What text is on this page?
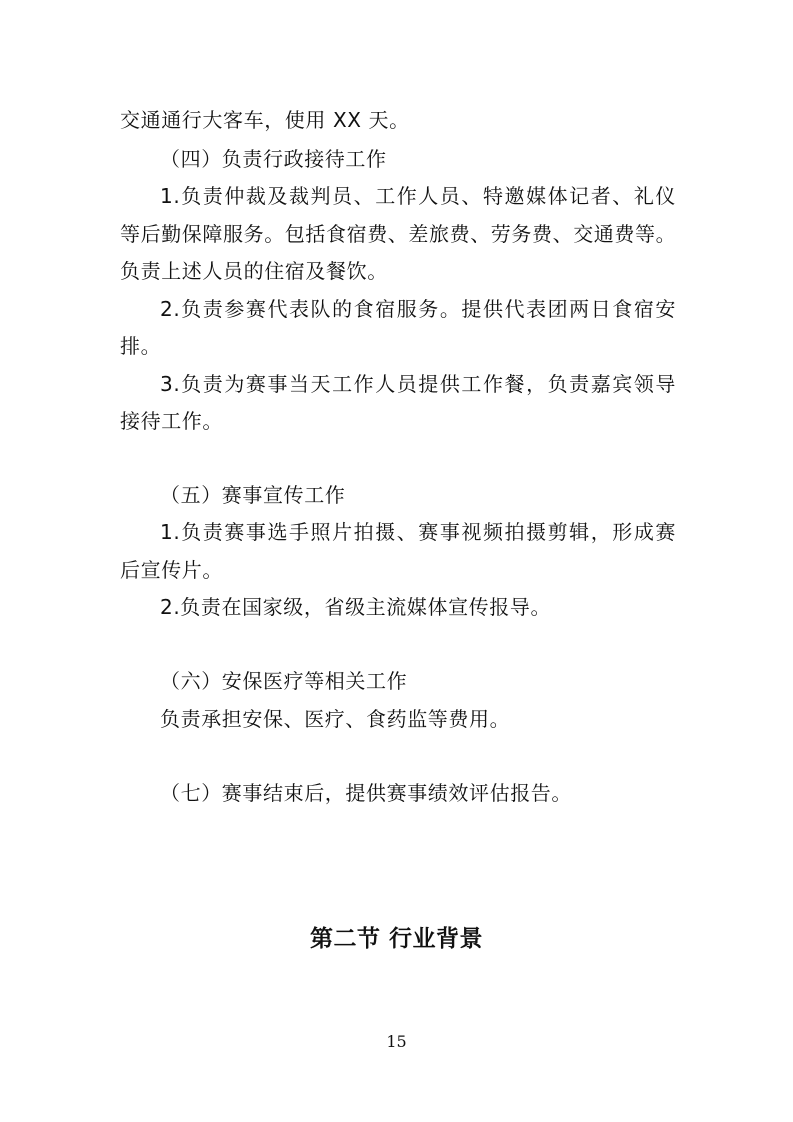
交通通行大客车，使用 XX 天。
（四）负责行政接待工作
1.负责仲裁及裁判员、工作人员、特邀媒体记者、礼仪
等后勤保障服务。包括食宿费、差旅费、劳务费、交通费等。
负责上述人员的住宿及餐饮。
2.负责参赛代表队的食宿服务。提供代表团两日食宿安
排。
3.负责为赛事当天工作人员提供工作餐，负责嘉宾领导
接待工作。
（五）赛事宣传工作
1.负责赛事选手照片拍摄、赛事视频拍摄剪辑，形成赛
后宣传片。
2.负责在国家级，省级主流媒体宣传报导。
（六）安保医疗等相关工作
负责承担安保、医疗、食药监等费用。
（七）赛事结束后，提供赛事绩效评估报告。
第二节 行业背景
15
